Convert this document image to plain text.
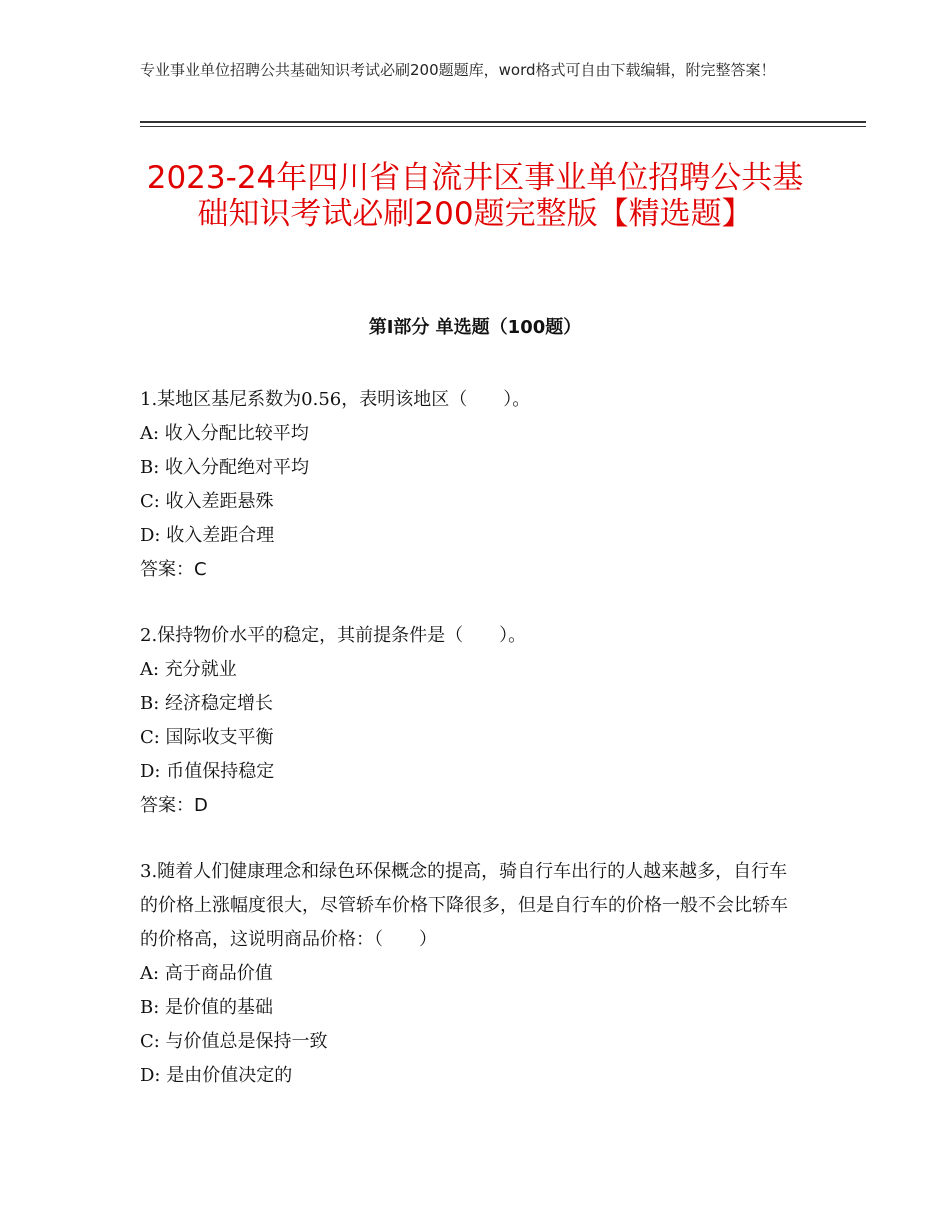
专业事业单位招聘公共基础知识考试必刷200题题库，word格式可自由下载编辑，附完整答案！
2023-24年四川省自流井区事业单位招聘公共基础知识考试必刷200题完整版【精选题】
第Ⅰ部分 单选题（100题）
1.某地区基尼系数为0.56，表明该地区（　　）。
A: 收入分配比较平均
B: 收入分配绝对平均
C: 收入差距悬殊
D: 收入差距合理
答案：C
2.保持物价水平的稳定，其前提条件是（　　）。
A: 充分就业
B: 经济稳定增长
C: 国际收支平衡
D: 币值保持稳定
答案：D
3.随着人们健康理念和绿色环保概念的提高，骑自行车出行的人越来越多，自行车的价格上涨幅度很大，尽管轿车价格下降很多，但是自行车的价格一般不会比轿车的价格高，这说明商品价格：（　　）
A: 高于商品价值
B: 是价值的基础
C: 与价值总是保持一致
D: 是由价值决定的
